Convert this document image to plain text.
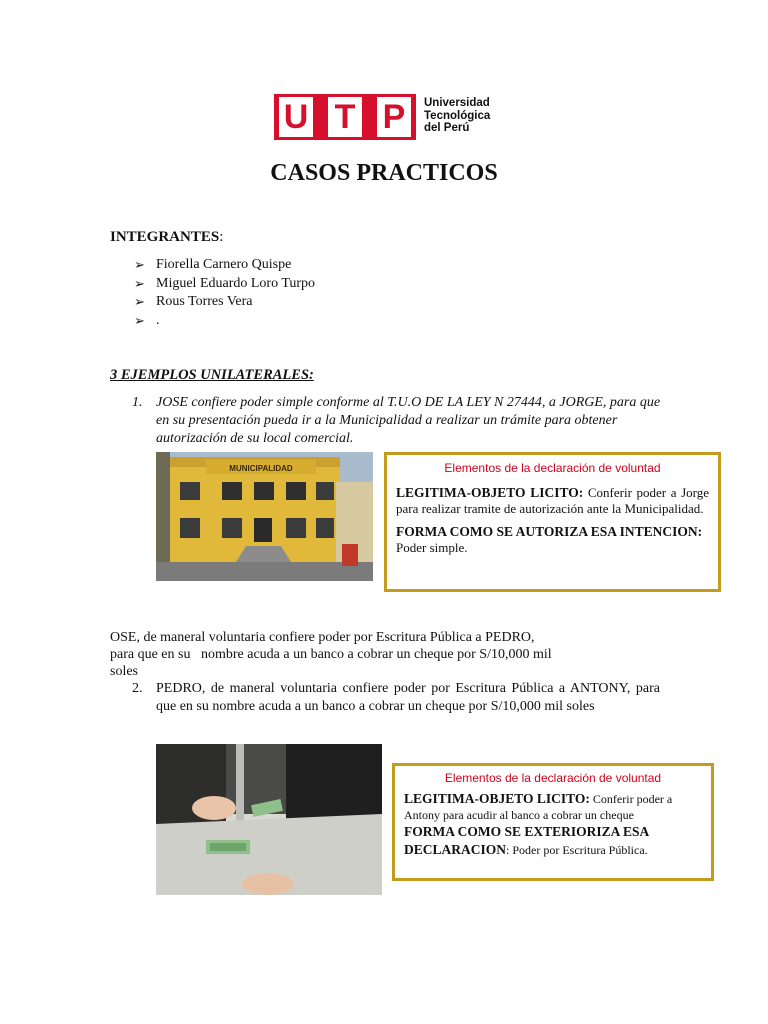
U T P	Universidad
Tecnológica
del Perú
CASOS PRACTICOS
INTEGRANTES:
➢ Fiorella Carnero Quispe
➢ Miguel Eduardo Loro Turpo
➢ Rous Torres Vera
➢ .
3 EJEMPLOS UNILATERALES:
1. JOSE confiere poder simple conforme al T.U.O DE LA LEY N 27444, a JORGE, para que en su presentación pueda ir a la Municipalidad a realizar un trámite para obtener autorización de su local comercial.
MUNICIPALIDAD	Elementos de la declaración de voluntad
LEGITIMA-OBJETO LICITO: Conferir poder a Jorge para realizar tramite de autorización ante la Municipalidad.
FORMA COMO SE AUTORIZA ESA INTENCION: Poder simple.
OSE, de maneral voluntaria confiere poder por Escritura Pública a PEDRO,
para que en su   nombre acuda a un banco a cobrar un cheque por S/10,000 mil
soles
2. PEDRO, de maneral voluntaria confiere poder por Escritura Pública a ANTONY, para que en su nombre acuda a un banco a cobrar un cheque por S/10,000 mil soles
Elementos de la declaración de voluntad
LEGITIMA-OBJETO LICITO: Conferir poder a Antony para acudir al banco a cobrar un cheque
FORMA COMO SE EXTERIORIZA ESA DECLARACION: Poder por Escritura Pública.
